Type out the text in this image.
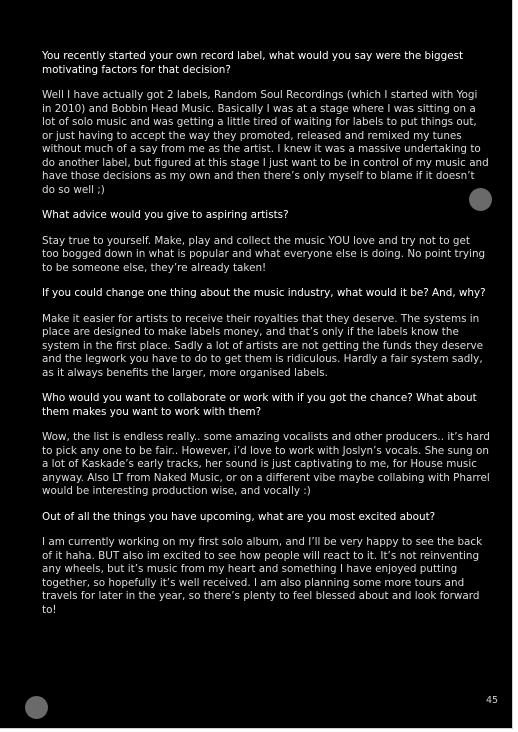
You recently started your own record label, what would you say were the biggest motivating factors for that decision?

Well I have actually got 2 labels, Random Soul Recordings (which I started with Yogi in 2010) and Bobbin Head Music. Basically I was at a stage where I was sitting on a lot of solo music and was getting a little tired of waiting for labels to put things out, or just having to accept the way they promoted, released and remixed my tunes without much of a say from me as the artist. I knew it was a massive undertaking to do another label, but figured at this stage I just want to be in control of my music and have those decisions as my own and then there’s only myself to blame if it doesn’t do so well ;)

What advice would you give to aspiring artists?

Stay true to yourself. Make, play and collect the music YOU love and try not to get too bogged down in what is popular and what everyone else is doing. No point trying to be someone else, they’re already taken!

If you could change one thing about the music industry, what would it be? And, why?

Make it easier for artists to receive their royalties that they deserve. The systems in place are designed to make labels money, and that’s only if the labels know the system in the first place. Sadly a lot of artists are not getting the funds they deserve and the legwork you have to do to get them is ridiculous. Hardly a fair system sadly, as it always benefits the larger, more organised labels.

Who would you want to collaborate or work with if you got the chance? What about them makes you want to work with them?

Wow, the list is endless really.. some amazing vocalists and other producers.. it’s hard to pick any one to be fair.. However, i’d love to work with Joslyn’s vocals. She sung on a lot of Kaskade’s early tracks, her sound is just captivating to me, for House music anyway. Also LT from Naked Music, or on a different vibe maybe collabing with Pharrel would be interesting production wise, and vocally :)

Out of all the things you have upcoming, what are you most excited about?

I am currently working on my first solo album, and I’ll be very happy to see the back of it haha. BUT also im excited to see how people will react to it. It’s not reinventing any wheels, but it’s music from my heart and something I have enjoyed putting together, so hopefully it’s well received. I am also planning some more tours and travels for later in the year, so there’s plenty to feel blessed about and look forward to!

45
